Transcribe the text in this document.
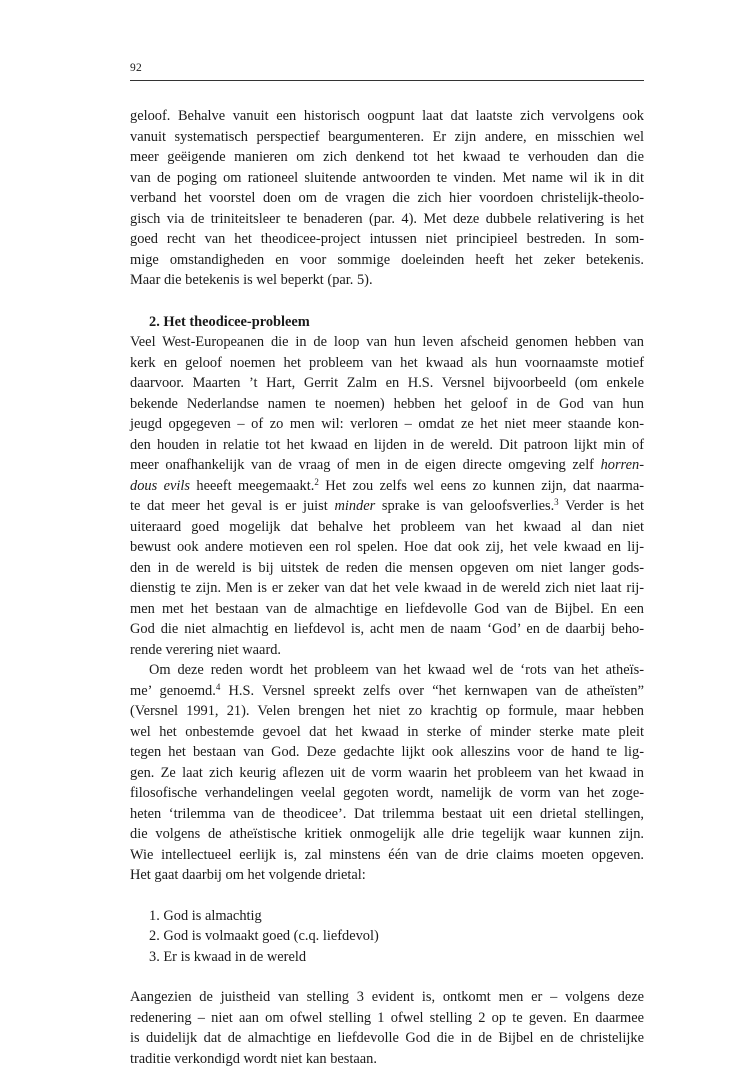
92
geloof. Behalve vanuit een historisch oogpunt laat dat laatste zich vervolgens ook
vanuit systematisch perspectief beargumenteren. Er zijn andere, en misschien wel
meer geëigende manieren om zich denkend tot het kwaad te verhouden dan die
van de poging om rationeel sluitende antwoorden te vinden. Met name wil ik in dit
verband het voorstel doen om de vragen die zich hier voordoen christelijk-theolo-
gisch via de triniteitsleer te benaderen (par. 4). Met deze dubbele relativering is het
goed recht van het theodicee-project intussen niet principieel bestreden. In som-
mige omstandigheden en voor sommige doeleinden heeft het zeker betekenis.
Maar die betekenis is wel beperkt (par. 5).
2. Het theodicee-probleem
Veel West-Europeanen die in de loop van hun leven afscheid genomen hebben van
kerk en geloof noemen het probleem van het kwaad als hun voornaamste motief
daarvoor. Maarten ’t Hart, Gerrit Zalm en H.S. Versnel bijvoorbeeld (om enkele
bekende Nederlandse namen te noemen) hebben het geloof in de God van hun
jeugd opgegeven – of zo men wil: verloren – omdat ze het niet meer staande kon-
den houden in relatie tot het kwaad en lijden in de wereld. Dit patroon lijkt min of
meer onafhankelijk van de vraag of men in de eigen directe omgeving zelf horren-
dous evils heeeft meegemaakt.$^2$ Het zou zelfs wel eens zo kunnen zijn, dat naarma-
te dat meer het geval is er juist minder sprake is van geloofsverlies.$^3$ Verder is het
uiteraard goed mogelijk dat behalve het probleem van het kwaad al dan niet
bewust ook andere motieven een rol spelen. Hoe dat ook zij, het vele kwaad en lij-
den in de wereld is bij uitstek de reden die mensen opgeven om niet langer gods-
dienstig te zijn. Men is er zeker van dat het vele kwaad in de wereld zich niet laat rij-
men met het bestaan van de almachtige en liefdevolle God van de Bijbel. En een
God die niet almachtig en liefdevol is, acht men de naam ‘God’ en de daarbij beho-
rende verering niet waard.
Om deze reden wordt het probleem van het kwaad wel de ‘rots van het atheïs-
me’ genoemd.$^4$ H.S. Versnel spreekt zelfs over “het kernwapen van de atheïsten”
(Versnel 1991, 21). Velen brengen het niet zo krachtig op formule, maar hebben
wel het onbestemde gevoel dat het kwaad in sterke of minder sterke mate pleit
tegen het bestaan van God. Deze gedachte lijkt ook alleszins voor de hand te lig-
gen. Ze laat zich keurig aflezen uit de vorm waarin het probleem van het kwaad in
filosofische verhandelingen veelal gegoten wordt, namelijk de vorm van het zoge-
heten ‘trilemma van de theodicee’. Dat trilemma bestaat uit een drietal stellingen,
die volgens de atheïstische kritiek onmogelijk alle drie tegelijk waar kunnen zijn.
Wie intellectueel eerlijk is, zal minstens één van de drie claims moeten opgeven.
Het gaat daarbij om het volgende drietal:
1. God is almachtig
2. God is volmaakt goed (c.q. liefdevol)
3. Er is kwaad in de wereld
Aangezien de juistheid van stelling 3 evident is, ontkomt men er – volgens deze
redenering – niet aan om ofwel stelling 1 ofwel stelling 2 op te geven. En daarmee
is duidelijk dat de almachtige en liefdevolle God die in de Bijbel en de christelijke
traditie verkondigd wordt niet kan bestaan.
